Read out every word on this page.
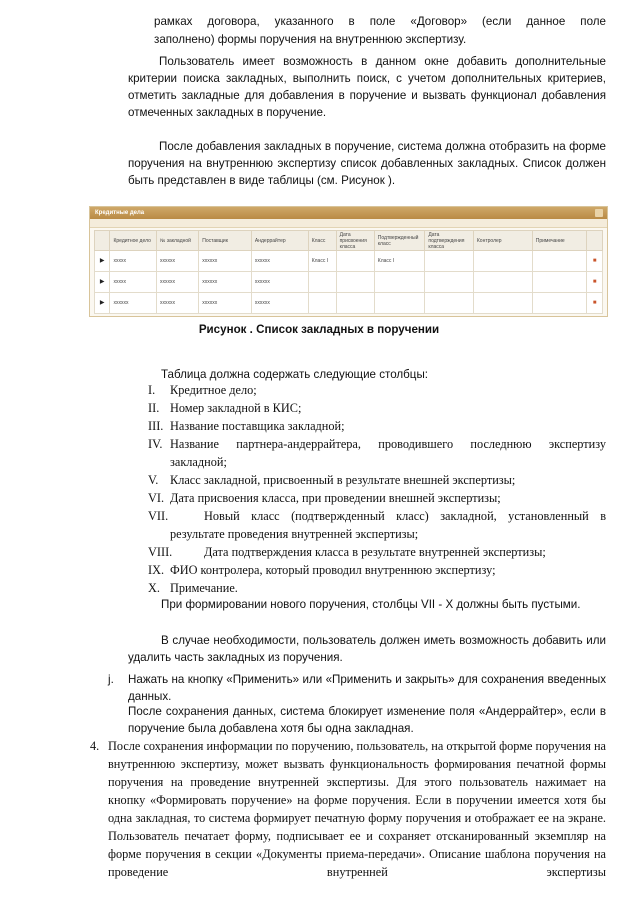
рамках договора, указанного в поле «Договор» (если данное поле
заполнено) формы поручения на внутреннюю экспертизу.
Пользователь имеет возможность в данном окне добавить дополнительные критерии поиска закладных, выполнить поиск, с учетом дополнительных критериев, отметить закладные для добавления в поручение и вызвать функционал добавления отмеченных закладных в поручение.
После добавления закладных в поручение, система должна отобразить на форме поручения на внутреннюю экспертизу список добавленных закладных. Список должен быть представлен в виде таблицы (см. Рисунок ).
Кредитные дела
	Кредитное дело	№ закладной	Поставщик	Андеррайтер	Класс	Дата присвоения класса	Подтвержденный класс	Дата подтверждения класса	Контролер	Примечание	
▶	xxxxx	xxxxxx	xxxxxx	xxxxxx	Класс I		Класс I				■
▶	xxxxx	xxxxxx	xxxxxx	xxxxxx							■
▶	xxxxxx	xxxxxx	xxxxxx	xxxxxx							■
Рисунок . Список закладных в поручении
Таблица должна содержать следующие столбцы:
I. Кредитное дело;
II. Номер закладной в КИС;
III. Название поставщика закладной;
IV. Название партнера-андеррайтера, проводившего последнюю экспертизу
закладной;
V. Класс закладной, присвоенный в результате внешней экспертизы;
VI. Дата присвоения класса, при проведении внешней экспертизы;
VII.	Новый класс (подтвержденный класс) закладной, установленный в
результате проведения внутренней экспертизы;
VIII.	Дата подтверждения класса в результате внутренней экспертизы;
IX. ФИО контролера, который проводил внутреннюю экспертизу;
X. Примечание.
При формировании нового поручения, столбцы VII - X должны быть пустыми.
В случае необходимости, пользователь должен иметь возможность добавить или удалить часть закладных из поручения.
j. Нажать на кнопку «Применить» или «Применить и закрыть» для сохранения введенных данных.
После сохранения данных, система блокирует изменение поля «Андеррайтер», если в поручение была добавлена хотя бы одна закладная.
4. После сохранения информации по поручению, пользователь, на открытой форме поручения на внутреннюю экспертизу, может вызвать функциональность формирования печатной формы поручения на проведение внутренней экспертизы. Для этого пользователь нажимает на кнопку «Формировать поручение» на форме поручения. Если в поручении имеется хотя бы одна закладная, то система формирует печатную форму поручения и отображает ее на экране. Пользователь печатает форму, подписывает ее и сохраняет отсканированный экземпляр на форме поручения в секции «Документы приема-передачи». Описание шаблона поручения на проведение внутренней экспертизы
